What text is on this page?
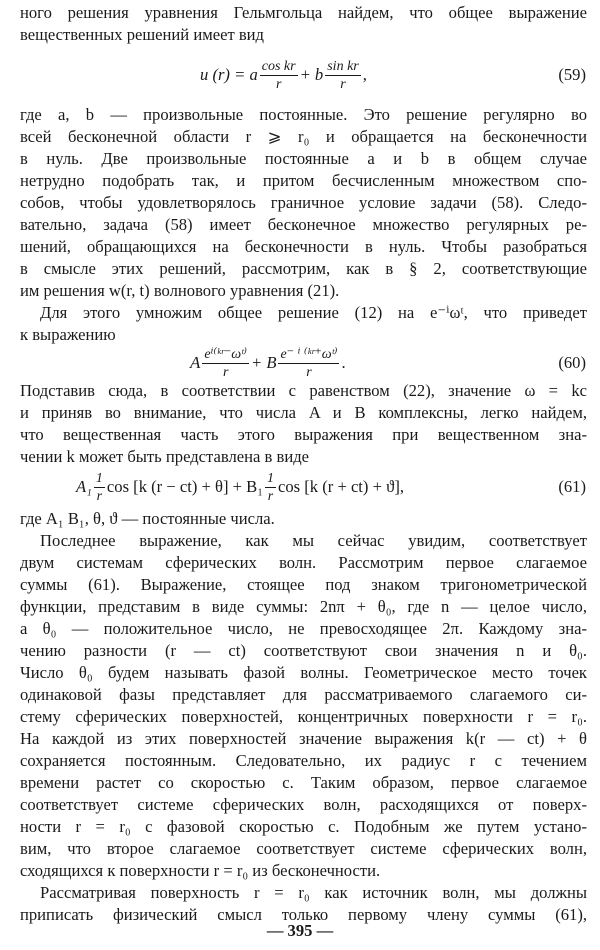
ного решения уравнения Гельмгольца найдем, что общее выражение
вещественных решений имеет вид
u (r) = a $\frac{\text{cos kr}}{r} + b \frac{\text{sin kr}}{r}$ ,	(59)
где a, b — произвольные постоянные. Это решение регулярно во
всей бесконечной области r ⩾ r₀ и обращается на бесконечности
в нуль. Две произвольные постоянные a и b в общем случае
нетрудно подобрать так, и притом бесчисленным множеством спо-
собов, чтобы удовлетворялось граничное условие задачи (58). Следо-
вательно, задача (58) имеет бесконечное множество регулярных ре-
шений, обращающихся на бесконечности в нуль. Чтобы разобраться
в смысле этих решений, рассмотрим, как в § 2, соответствующие
им решения w(r, t) волнового уравнения (21).
Для этого умножим общее решение (12) на e⁻ⁱωᵗ, что приведет
к выражению
A $\frac{\text{eⁱ⁽ᵏʳ⁻ωᵗ⁾}}{r} + B \frac{\text{e⁻ ⁱ ⁽ᵏʳ⁺ωᵗ⁾}}{r}$ .	(60)
Подставив сюда, в соответствии с равенством (22), значение ω = kc
и приняв во внимание, что числа A и B комплексны, легко найдем,
что вещественная часть этого выражения при вещественном зна-
чении k может быть представлена в виде
$A_1 \frac{1}{r}$ cos [k $(r - ct) + \theta] + B_1 \frac{1}{r}$ cos [k (r + ct) + ϑ],	(61)
где A₁ B₁, θ, ϑ — постоянные числа.
Последнее выражение, как мы сейчас увидим, соответствует
двум системам сферических волн. Рассмотрим первое слагаемое
суммы (61). Выражение, стоящее под знаком тригонометрической
функции, представим в виде суммы: 2nπ + θ₀, где n — целое число,
а θ₀ — положительное число, не превосходящее 2π. Каждому зна-
чению разности (r — ct) соответствуют свои значения n и θ₀.
Число θ₀ будем называть фазой волны. Геометрическое место точек
одинаковой фазы представляет для рассматриваемого слагаемого си-
стему сферических поверхностей, концентричных поверхности r = r₀.
На каждой из этих поверхностей значение выражения k(r — ct) + θ
сохраняется постоянным. Следовательно, их радиус r с течением
времени растет со скоростью c. Таким образом, первое слагаемое
соответствует системе сферических волн, расходящихся от поверх-
ности r = r₀ с фазовой скоростью c. Подобным же путем устано-
вим, что второе слагаемое соответствует системе сферических волн,
сходящихся к поверхности r = r₀ из бесконечности.
Рассматривая поверхность r = r₀ как источник волн, мы должны
приписать физический смысл только первому члену суммы (61),
— 395 —
